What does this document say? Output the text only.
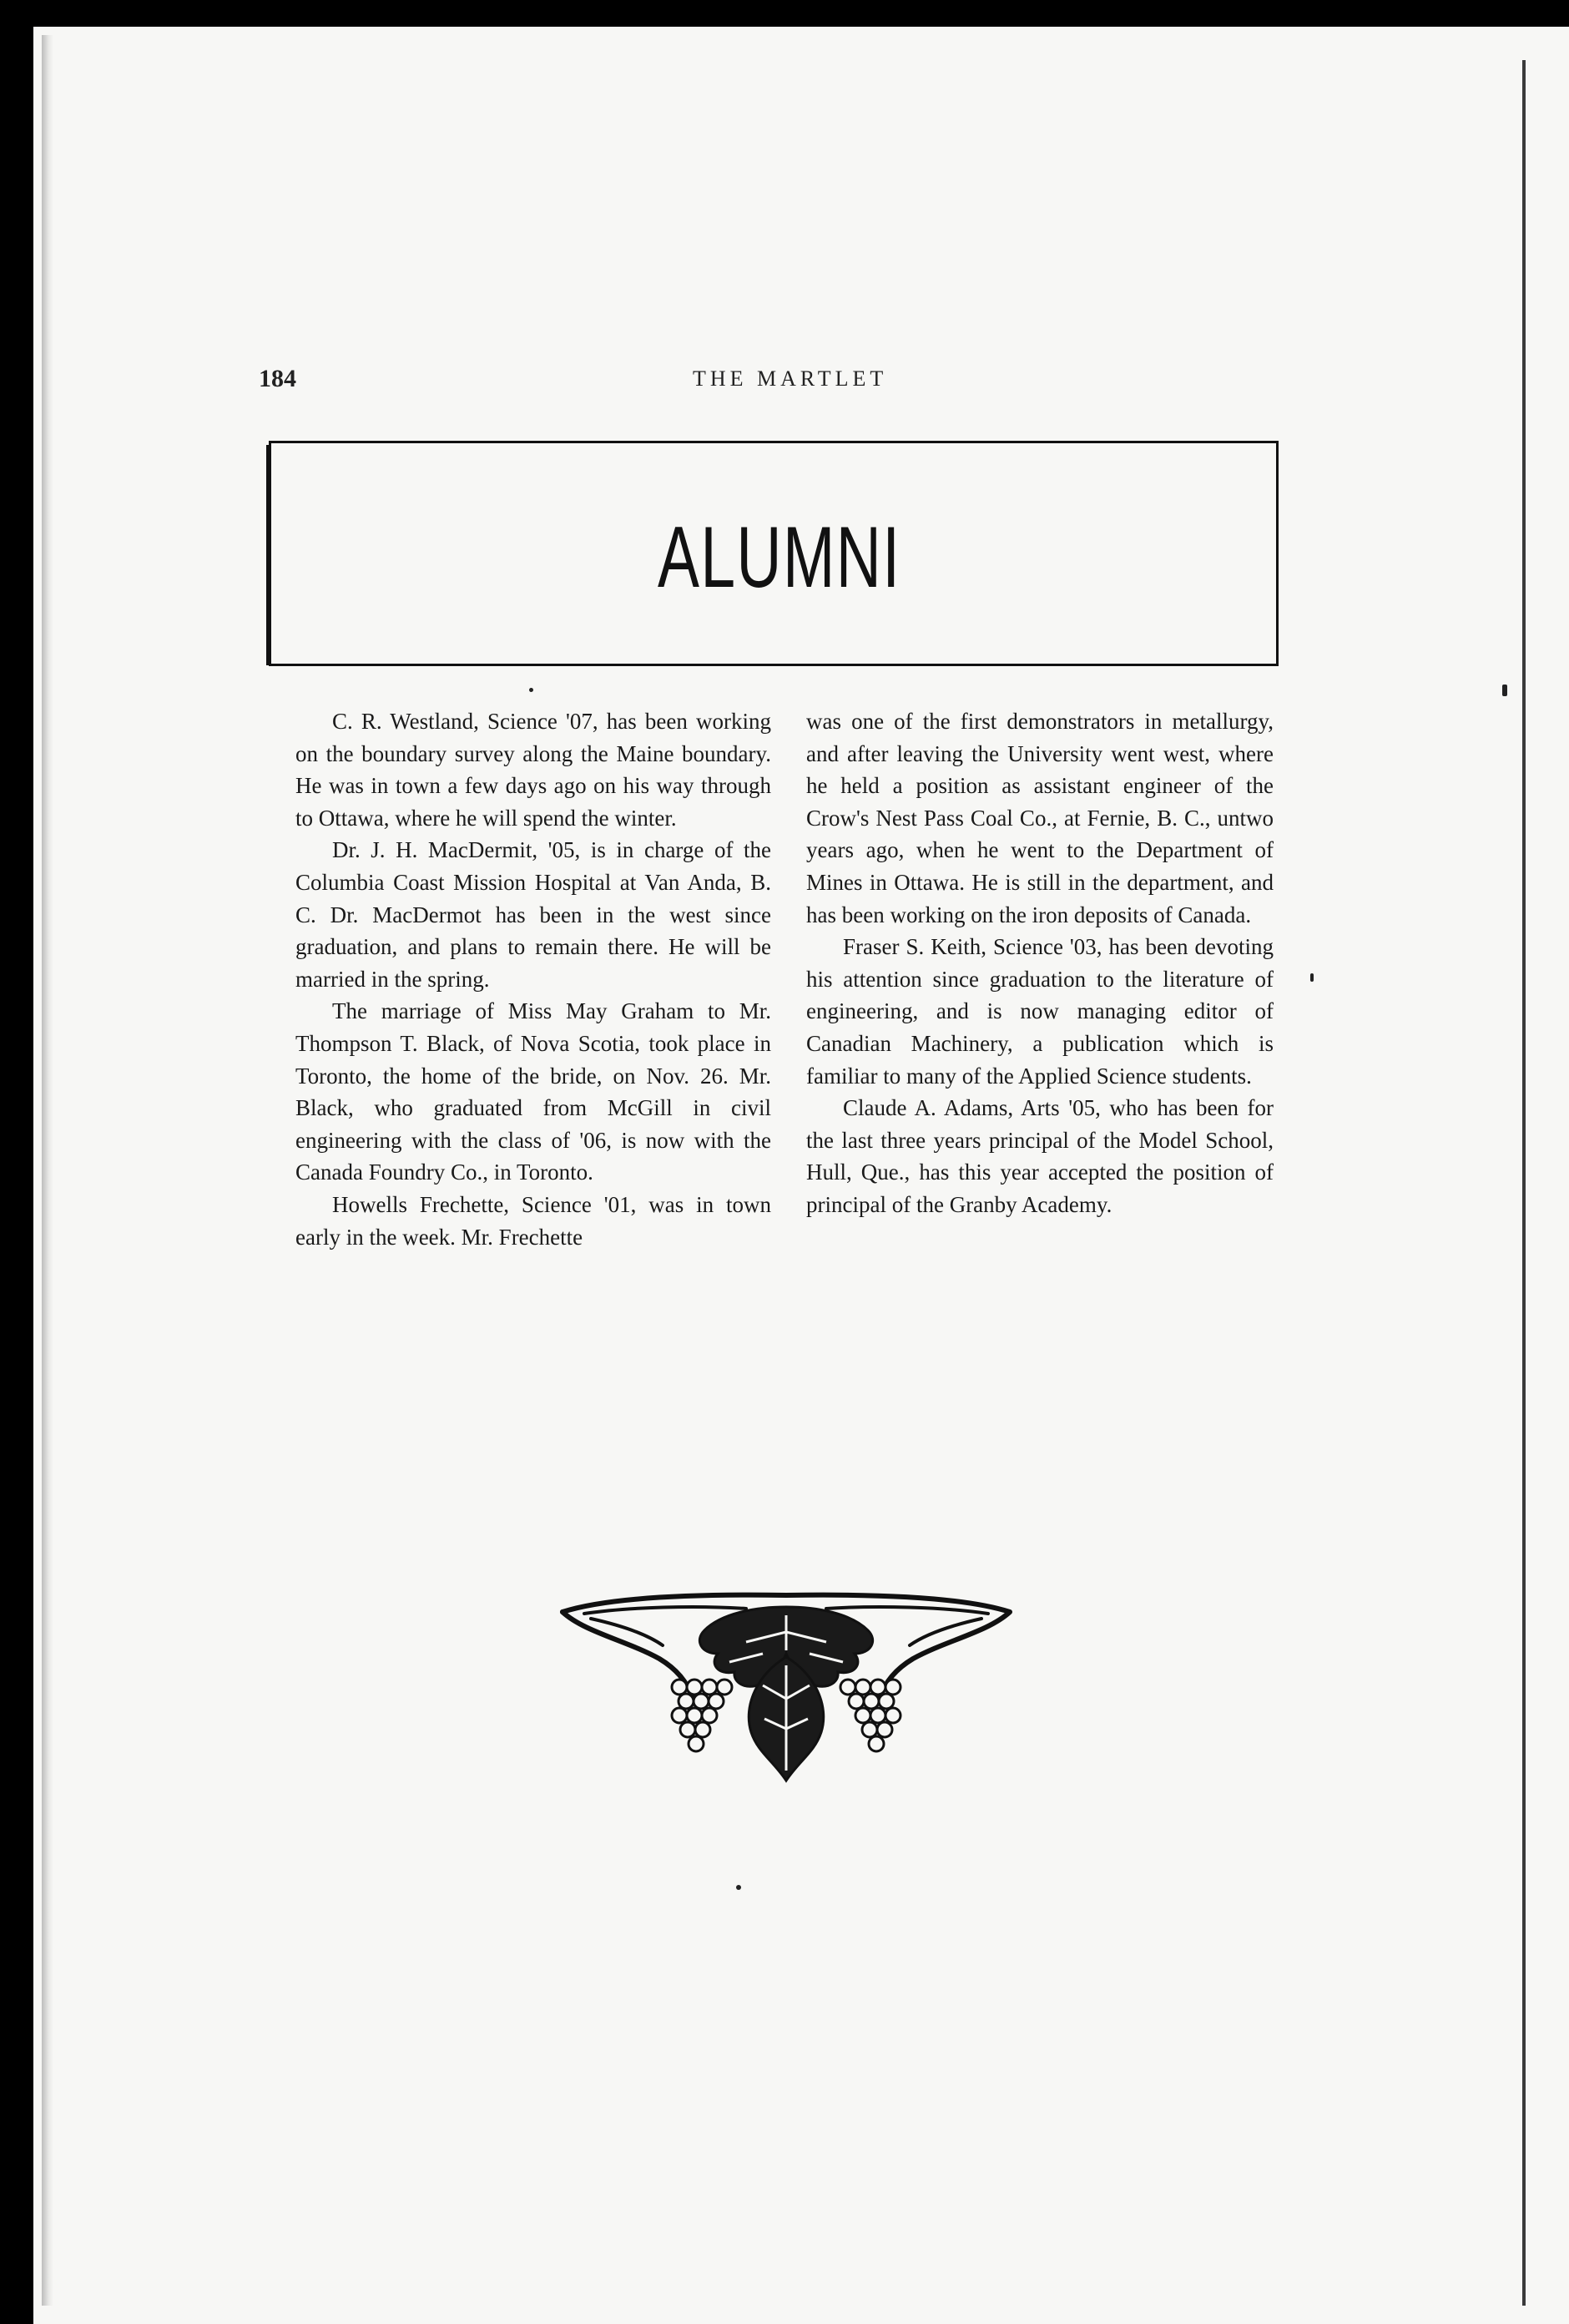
184	THE MARTLET
ALUMNI

C. R. Westland, Science '07, has been working on the boundary survey along the Maine boundary. He was in town a few days ago on his way through to Ottawa, where he will spend the winter.

Dr. J. H. MacDermit, '05, is in charge of the Columbia Coast Mission Hospital at Van Anda, B. C. Dr. MacDermot has been in the west since graduation, and plans to remain there. He will be married in the spring.

The marriage of Miss May Graham to Mr. Thompson T. Black, of Nova Scotia, took place in Toronto, the home of the bride, on Nov. 26. Mr. Black, who graduated from McGill in civil engineering with the class of '06, is now with the Canada Foundry Co., in Toronto.

Howells Frechette, Science '01, was in town early in the week. Mr. Frechette

was one of the first demonstrators in metallurgy, and after leaving the University went west, where he held a position as assistant engineer of the Crow's Nest Pass Coal Co., at Fernie, B. C., untwo years ago, when he went to the Department of Mines in Ottawa. He is still in the department, and has been working on the iron deposits of Canada.

Fraser S. Keith, Science '03, has been devoting his attention since graduation to the literature of engineering, and is now managing editor of Canadian Machinery, a publication which is familiar to many of the Applied Science students.

Claude A. Adams, Arts '05, who has been for the last three years principal of the Model School, Hull, Que., has this year accepted the position of principal of the Granby Academy.
